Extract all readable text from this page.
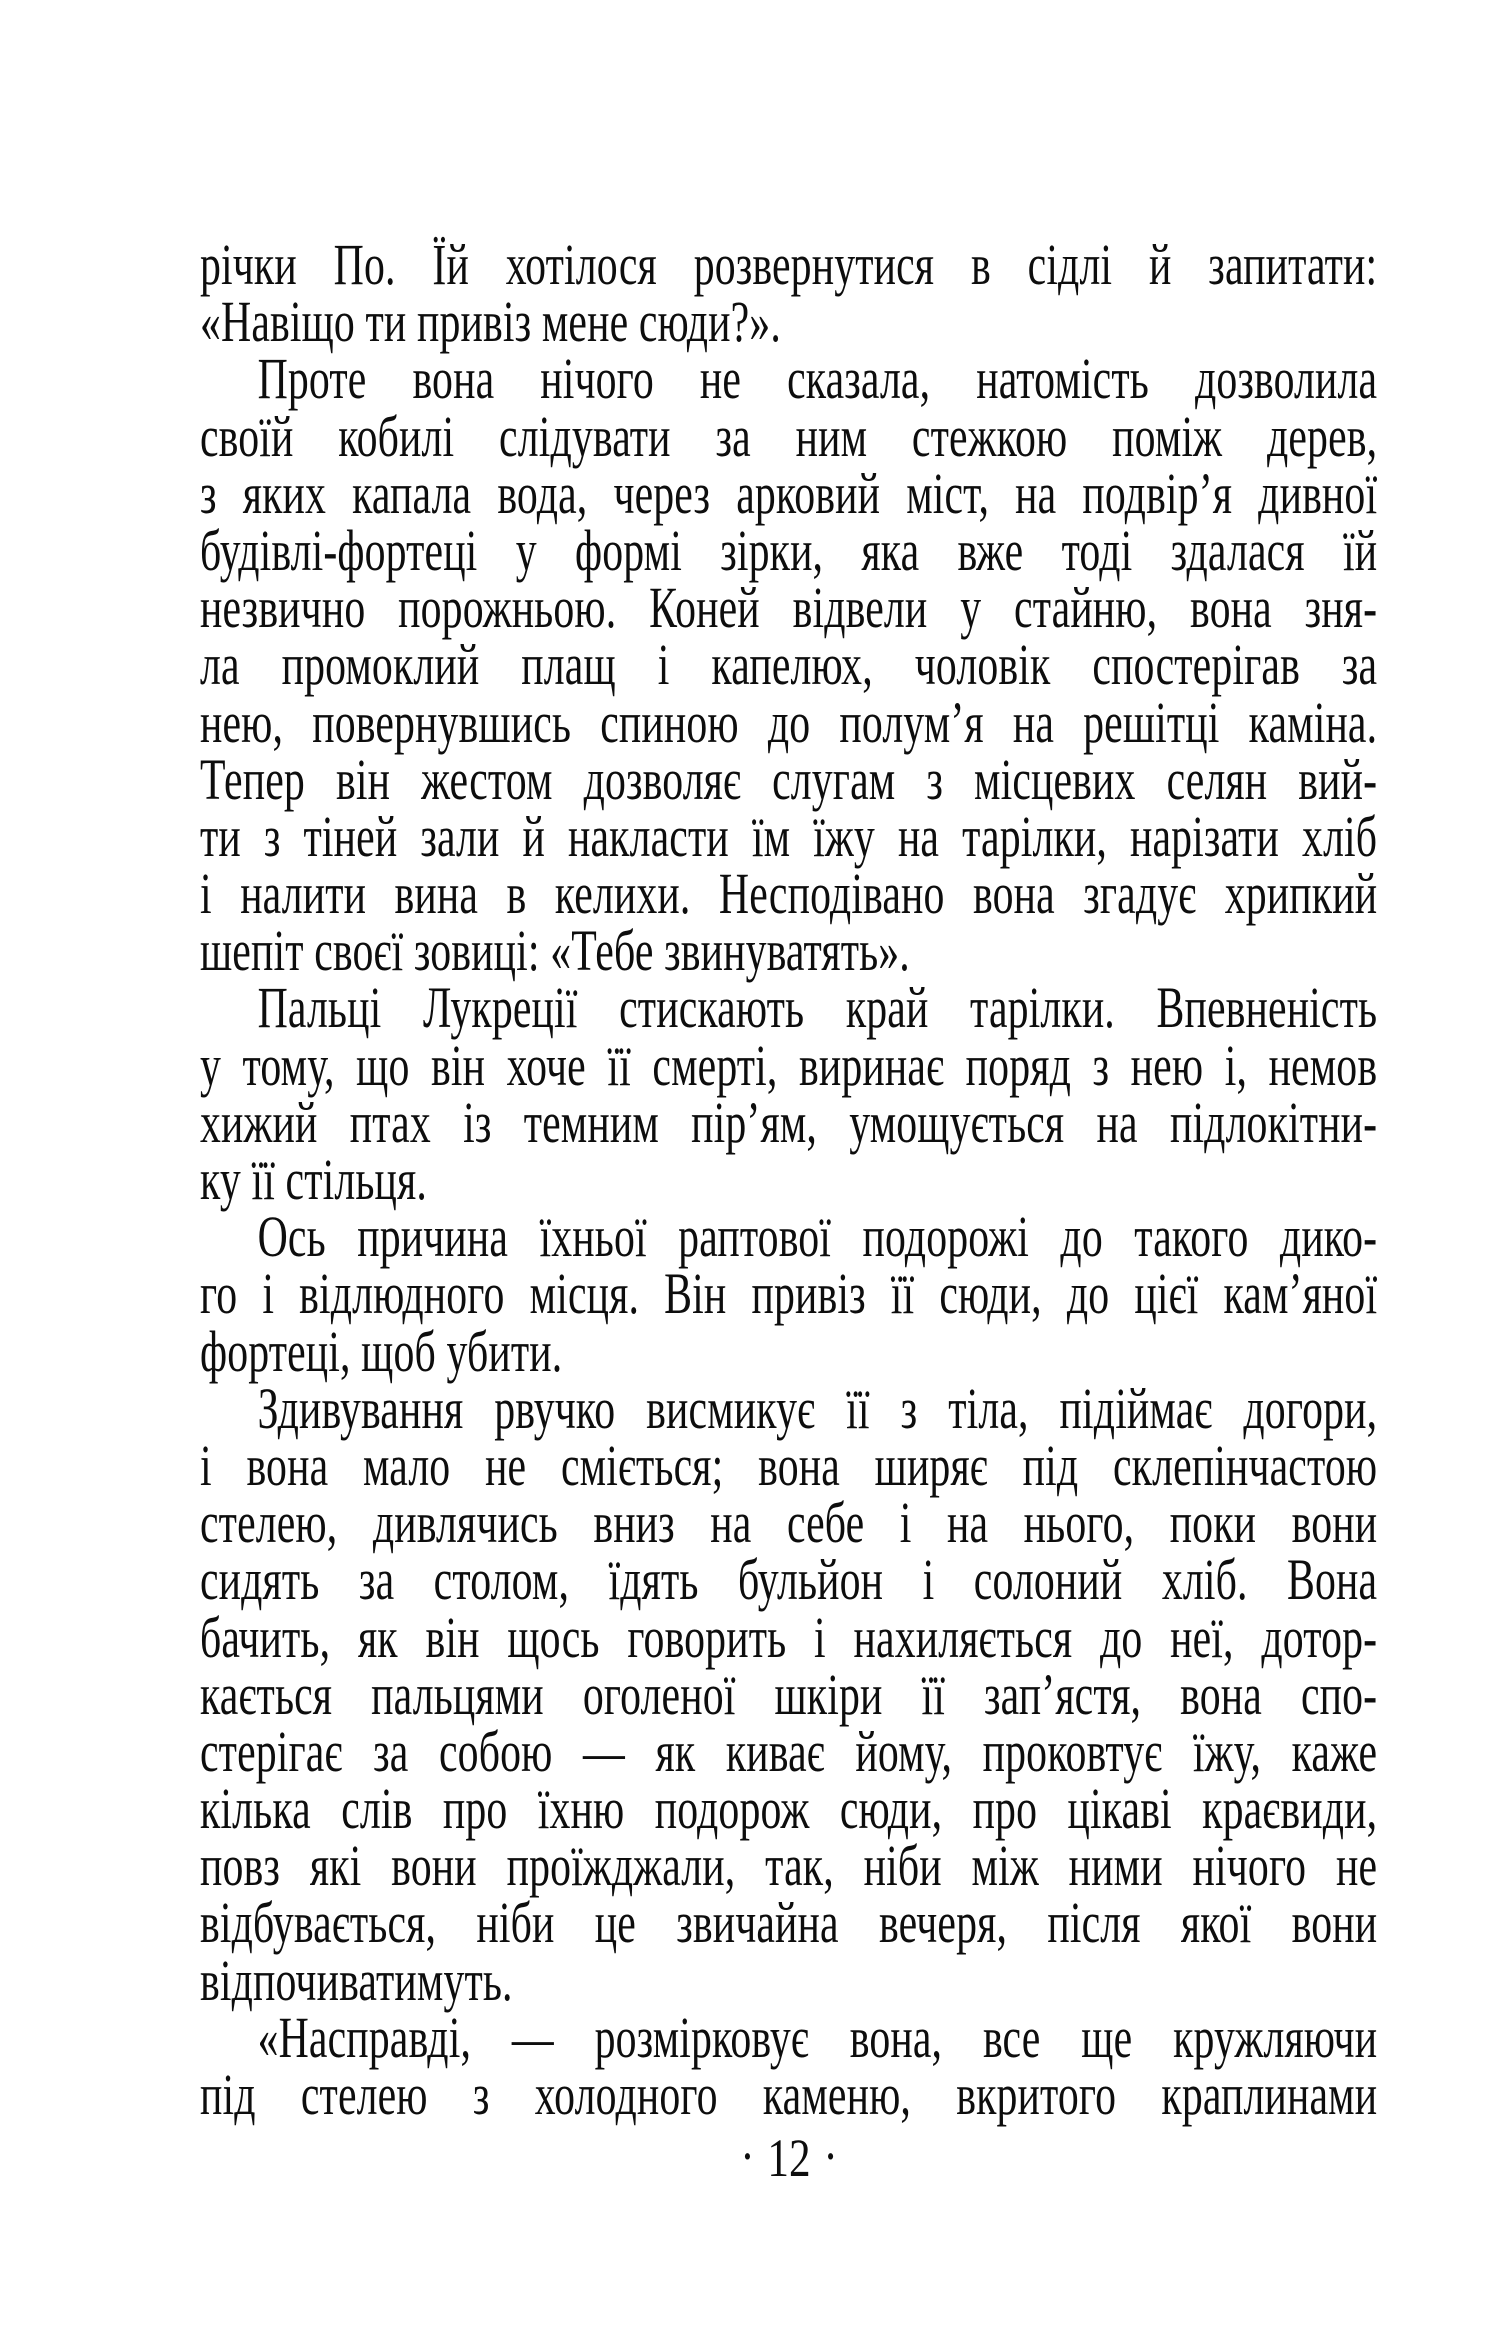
річки По. Їй хотілося розвернутися в сідлі й запитати:
«Навіщо ти привіз мене сюди?».
Проте вона нічого не сказала, натомість дозволила
своїй кобилі слідувати за ним стежкою поміж дерев,
з яких капала вода, через арковий міст, на подвір’я дивної
будівлі-фортеці у формі зірки, яка вже тоді здалася їй
незвично порожньою. Коней відвели у стайню, вона зня-
ла промоклий плащ і капелюх, чоловік спостерігав за
нею, повернувшись спиною до полум’я на решітці каміна.
Тепер він жестом дозволяє слугам з місцевих селян вий-
ти з тіней зали й накласти їм їжу на тарілки, нарізати хліб
і налити вина в келихи. Несподівано вона згадує хрипкий
шепіт своєї зовиці: «Тебе звинуватять».
Пальці Лукреції стискають край тарілки. Впевненість
у тому, що він хоче її смерті, виринає поряд з нею і, немов
хижий птах із темним пір’ям, умощується на підлокітни-
ку її стільця.
Ось причина їхньої раптової подорожі до такого дико-
го і відлюдного місця. Він привіз її сюди, до цієї кам’яної
фортеці, щоб убити.
Здивування рвучко висмикує її з тіла, підіймає догори,
і вона мало не сміється; вона ширяє під склепінчастою
стелею, дивлячись вниз на себе і на нього, поки вони
сидять за столом, їдять бульйон і солоний хліб. Вона
бачить, як він щось говорить і нахиляється до неї, дотор-
кається пальцями оголеної шкіри її зап’ястя, вона спо-
стерігає за собою — як киває йому, проковтує їжу, каже
кілька слів про їхню подорож сюди, про цікаві краєвиди,
повз які вони проїжджали, так, ніби між ними нічого не
відбувається, ніби це звичайна вечеря, після якої вони
відпочиватимуть.
«Насправді, — розмірковує вона, все ще кружляючи
під стелею з холодного каменю, вкритого краплинами
· 12 ·
